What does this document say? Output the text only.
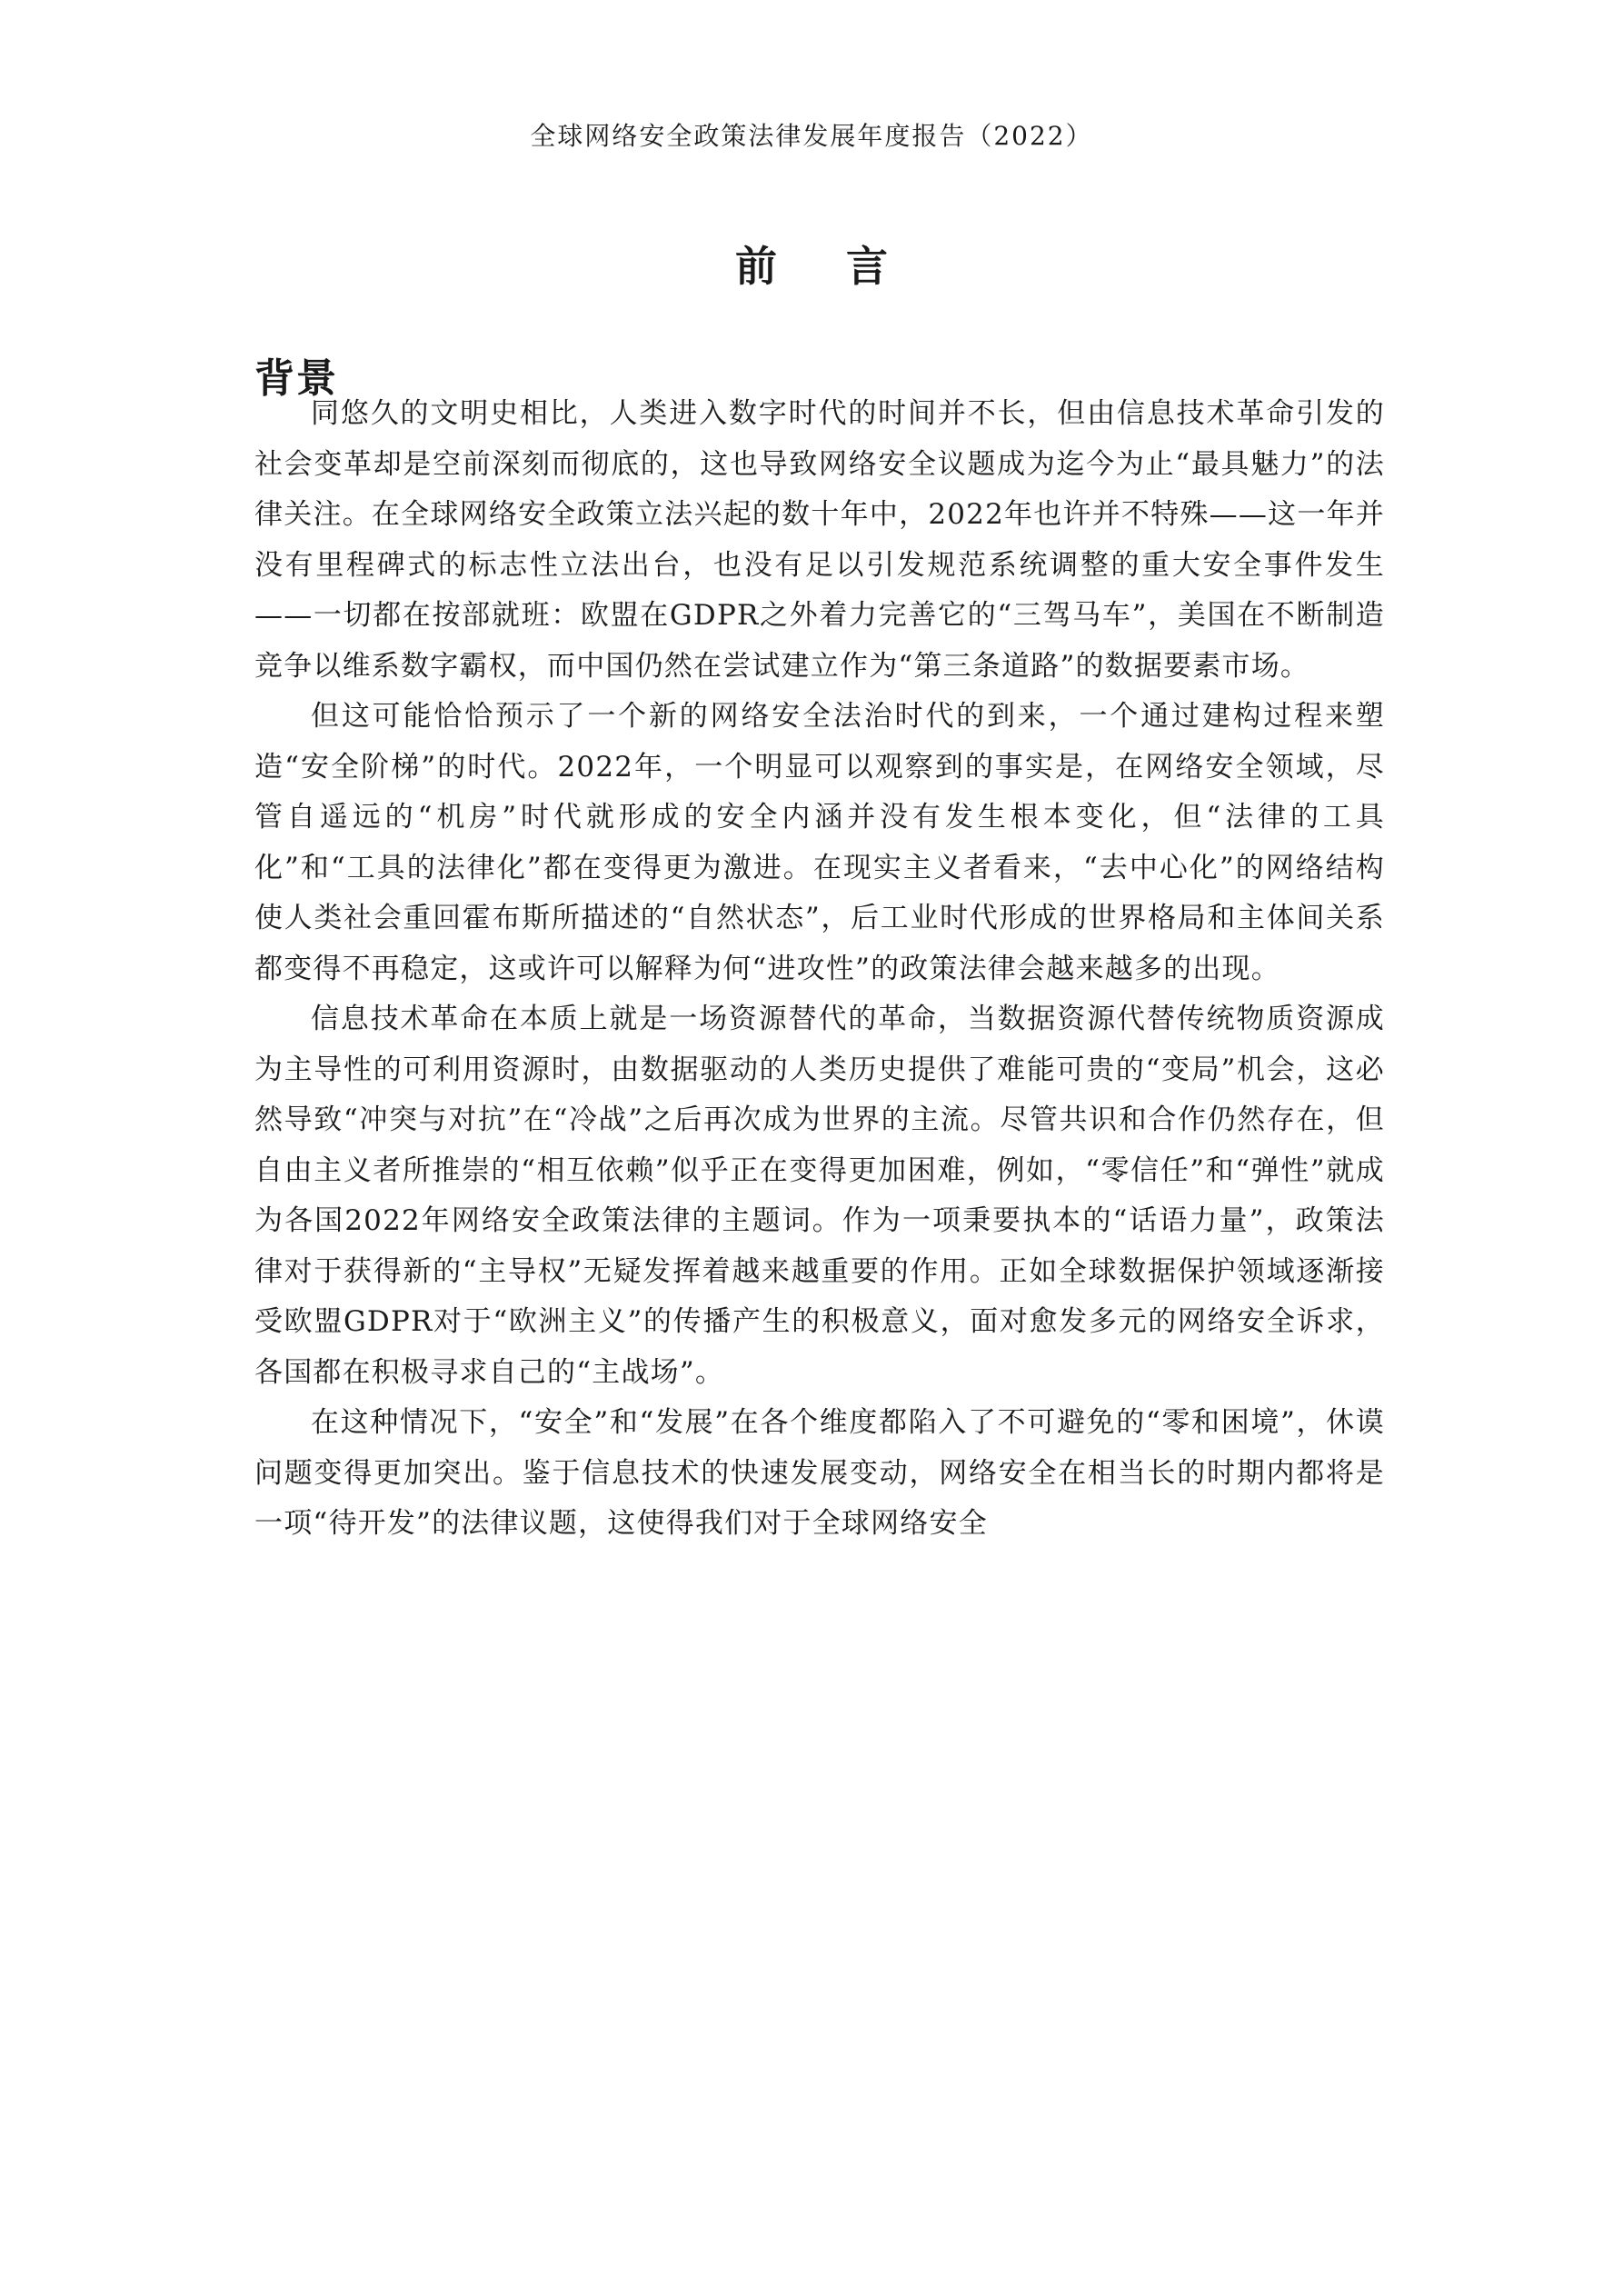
全球网络安全政策法律发展年度报告（2022）
前 言
背景

同悠久的文明史相比，人类进入数字时代的时间并不长，但由信息技术革命引发的社会变革却是空前深刻而彻底的，这也导致网络安全议题成为迄今为止“最具魅力”的法律关注。在全球网络安全政策立法兴起的数十年中，2022年也许并不特殊——这一年并没有里程碑式的标志性立法出台，也没有足以引发规范系统调整的重大安全事件发生——一切都在按部就班：欧盟在GDPR之外着力完善它的“三驾马车”，美国在不断制造竞争以维系数字霸权，而中国仍然在尝试建立作为“第三条道路”的数据要素市场。

但这可能恰恰预示了一个新的网络安全法治时代的到来，一个通过建构过程来塑造“安全阶梯”的时代。2022年，一个明显可以观察到的事实是，在网络安全领域，尽管自遥远的“机房”时代就形成的安全内涵并没有发生根本变化，但“法律的工具化”和“工具的法律化”都在变得更为激进。在现实主义者看来，“去中心化”的网络结构使人类社会重回霍布斯所描述的“自然状态”，后工业时代形成的世界格局和主体间关系都变得不再稳定，这或许可以解释为何“进攻性”的政策法律会越来越多的出现。

信息技术革命在本质上就是一场资源替代的革命，当数据资源代替传统物质资源成为主导性的可利用资源时，由数据驱动的人类历史提供了难能可贵的“变局”机会，这必然导致“冲突与对抗”在“冷战”之后再次成为世界的主流。尽管共识和合作仍然存在，但自由主义者所推崇的“相互依赖”似乎正在变得更加困难，例如，“零信任”和“弹性”就成为各国2022年网络安全政策法律的主题词。作为一项秉要执本的“话语力量”，政策法律对于获得新的“主导权”无疑发挥着越来越重要的作用。正如全球数据保护领域逐渐接受欧盟GDPR对于“欧洲主义”的传播产生的积极意义，面对愈发多元的网络安全诉求，各国都在积极寻求自己的“主战场”。

在这种情况下，“安全”和“发展”在各个维度都陷入了不可避免的“零和困境”，休谟问题变得更加突出。鉴于信息技术的快速发展变动，网络安全在相当长的时期内都将是一项“待开发”的法律议题，这使得我们对于全球网络安全
